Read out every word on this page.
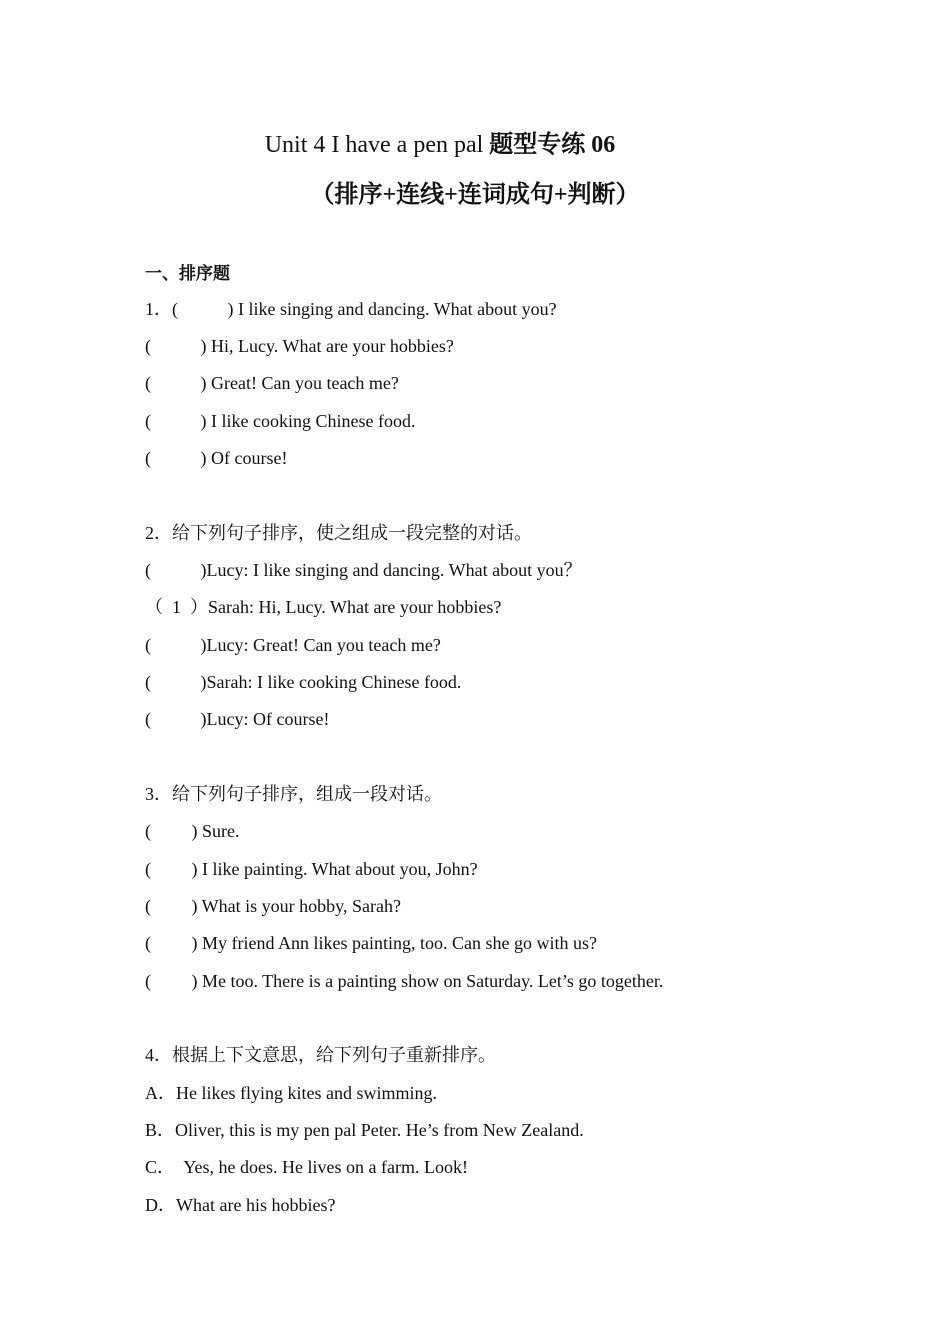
Unit 4 I have a pen pal 题型专练 06
（排序+连线+连词成句+判断）
一、排序题
1．(           ) I like singing and dancing. What about you?
(           ) Hi, Lucy. What are your hobbies?
(           ) Great! Can you teach me?
(           ) I like cooking Chinese food.
(           ) Of course!
2．给下列句子排序，使之组成一段完整的对话。
(           )Lucy: I like singing and dancing. What about you？
（  1  ）Sarah: Hi, Lucy. What are your hobbies?
(           )Lucy: Great! Can you teach me?
(           )Sarah: I like cooking Chinese food.
(           )Lucy: Of course!
3．给下列句子排序，组成一段对话。
(         ) Sure.
(         ) I like painting. What about you, John?
(         ) What is your hobby, Sarah?
(         ) My friend Ann likes painting, too. Can she go with us?
(         ) Me too. There is a painting show on Saturday. Let’s go together.
4．根据上下文意思，给下列句子重新排序。
A．He likes flying kites and swimming.
B．Oliver, this is my pen pal Peter. He’s from New Zealand.
C．  Yes, he does. He lives on a farm. Look!
D．What are his hobbies?
